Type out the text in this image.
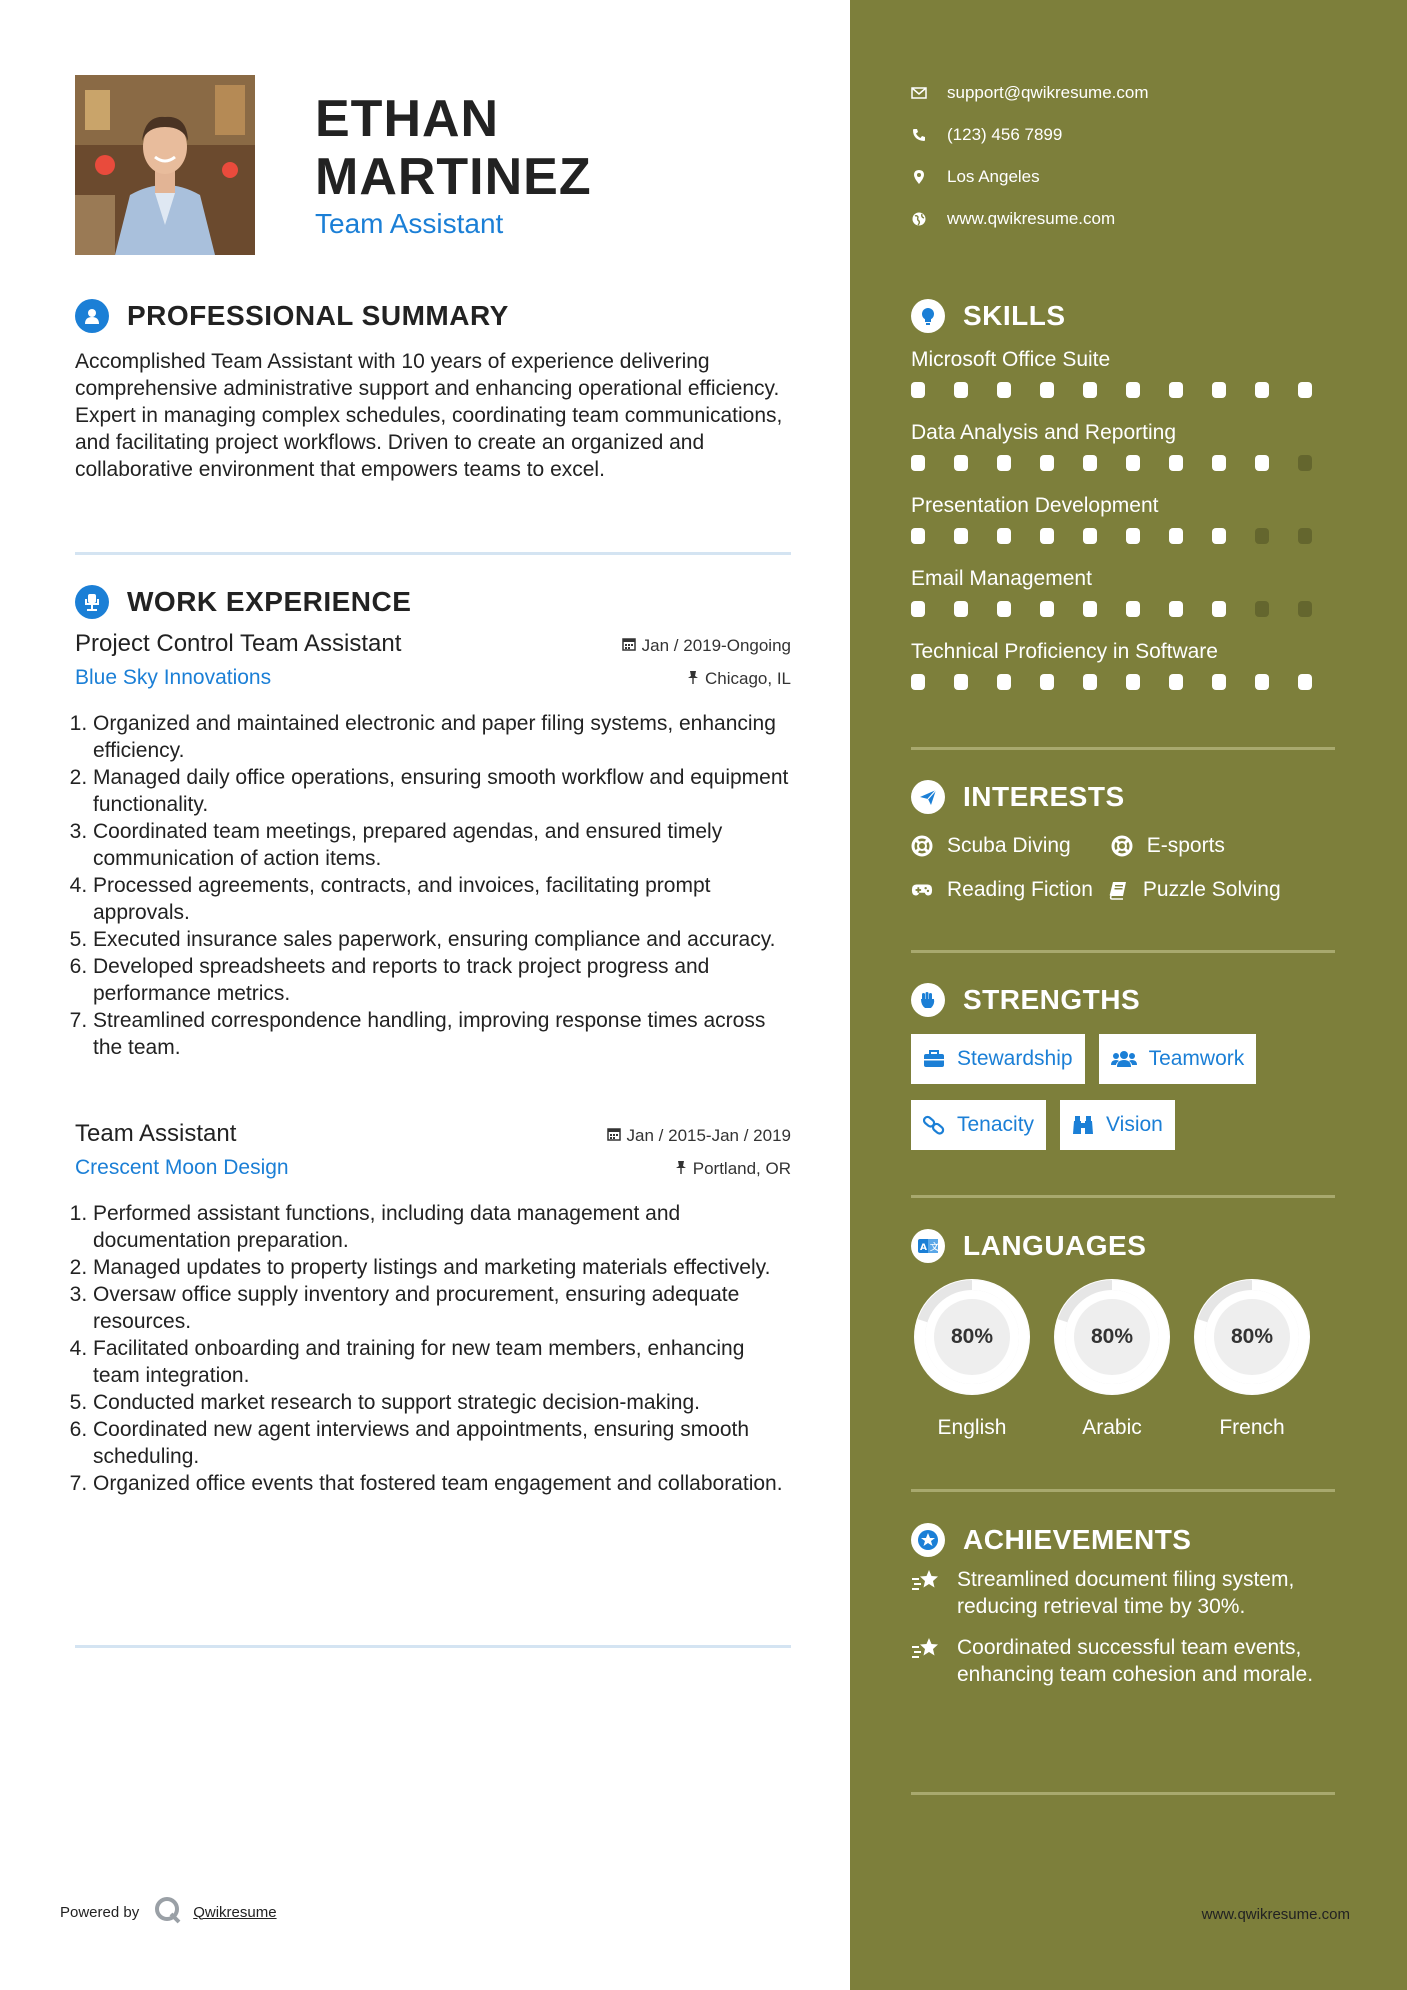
ETHAN
MARTINEZ
Team Assistant
PROFESSIONAL SUMMARY
Accomplished Team Assistant with 10 years of experience delivering comprehensive administrative support and enhancing operational efficiency. Expert in managing complex schedules, coordinating team communications, and facilitating project workflows. Driven to create an organized and collaborative environment that empowers teams to excel.
WORK EXPERIENCE
Project Control Team Assistant	Jan / 2019-Ongoing
Blue Sky Innovations	Chicago, IL
1. Organized and maintained electronic and paper filing systems, enhancing efficiency.
2. Managed daily office operations, ensuring smooth workflow and equipment functionality.
3. Coordinated team meetings, prepared agendas, and ensured timely communication of action items.
4. Processed agreements, contracts, and invoices, facilitating prompt approvals.
5. Executed insurance sales paperwork, ensuring compliance and accuracy.
6. Developed spreadsheets and reports to track project progress and performance metrics.
7. Streamlined correspondence handling, improving response times across the team.
Team Assistant	Jan / 2015-Jan / 2019
Crescent Moon Design	Portland, OR
1. Performed assistant functions, including data management and documentation preparation.
2. Managed updates to property listings and marketing materials effectively.
3. Oversaw office supply inventory and procurement, ensuring adequate resources.
4. Facilitated onboarding and training for new team members, enhancing team integration.
5. Conducted market research to support strategic decision-making.
6. Coordinated new agent interviews and appointments, ensuring smooth scheduling.
7. Organized office events that fostered team engagement and collaboration.
Powered by	Qwikresume
support@qwikresume.com
(123) 456 7899
Los Angeles
www.qwikresume.com
SKILLS
Microsoft Office Suite
Data Analysis and Reporting
Presentation Development
Email Management
Technical Proficiency in Software
INTERESTS
Scuba Diving	E-sports
Reading Fiction Puzzle Solving
STRENGTHS
Stewardship	Teamwork
Tenacity	Vision
A 文 LANGUAGES
80%
English
80%
Arabic
80%
French
ACHIEVEMENTS
Streamlined document filing system, reducing retrieval time by 30%.
Coordinated successful team events, enhancing team cohesion and morale.
www.qwikresume.com
